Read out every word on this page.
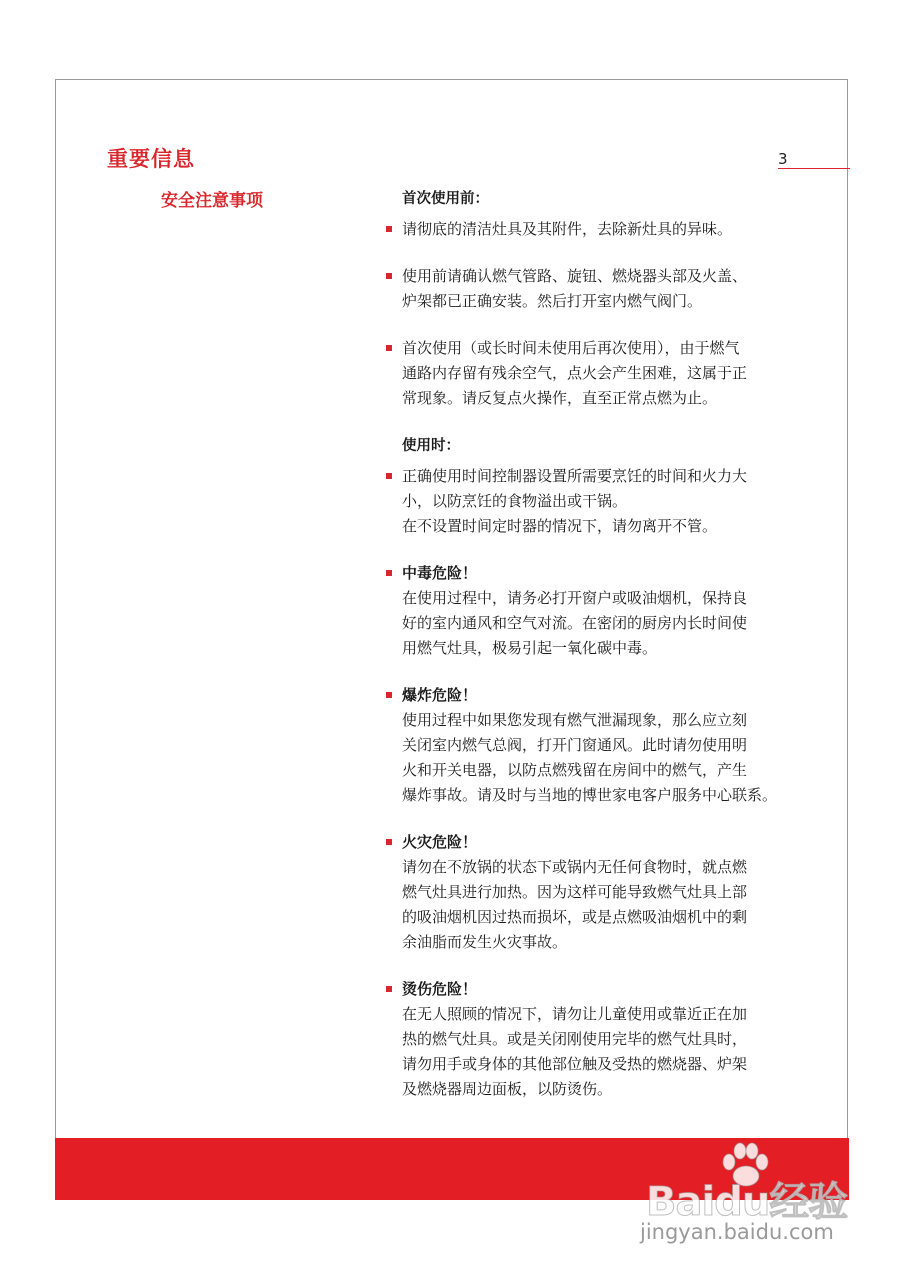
重要信息
安全注意事项
3
首次使用前：
请彻底的清洁灶具及其附件，去除新灶具的异味。
使用前请确认燃气管路、旋钮、燃烧器头部及火盖、
炉架都已正确安装。然后打开室内燃气阀门。
首次使用（或长时间未使用后再次使用），由于燃气
通路内存留有残余空气，点火会产生困难，这属于正
常现象。请反复点火操作，直至正常点燃为止。
使用时：
正确使用时间控制器设置所需要烹饪的时间和火力大
小，以防烹饪的食物溢出或干锅。
在不设置时间定时器的情况下，请勿离开不管。
中毒危险！
在使用过程中，请务必打开窗户或吸油烟机，保持良
好的室内通风和空气对流。在密闭的厨房内长时间使
用燃气灶具，极易引起一氧化碳中毒。
爆炸危险！
使用过程中如果您发现有燃气泄漏现象，那么应立刻
关闭室内燃气总阀，打开门窗通风。此时请勿使用明
火和开关电器，以防点燃残留在房间中的燃气，产生
爆炸事故。请及时与当地的博世家电客户服务中心联系。
火灾危险！
请勿在不放锅的状态下或锅内无任何食物时，就点燃
燃气灶具进行加热。因为这样可能导致燃气灶具上部
的吸油烟机因过热而损坏，或是点燃吸油烟机中的剩
余油脂而发生火灾事故。
烫伤危险！
在无人照顾的情况下，请勿让儿童使用或靠近正在加
热的燃气灶具。或是关闭刚使用完毕的燃气灶具时，
请勿用手或身体的其他部位触及受热的燃烧器、炉架
及燃烧器周边面板，以防烫伤。
Baidu经验
jingyan.baidu.com
